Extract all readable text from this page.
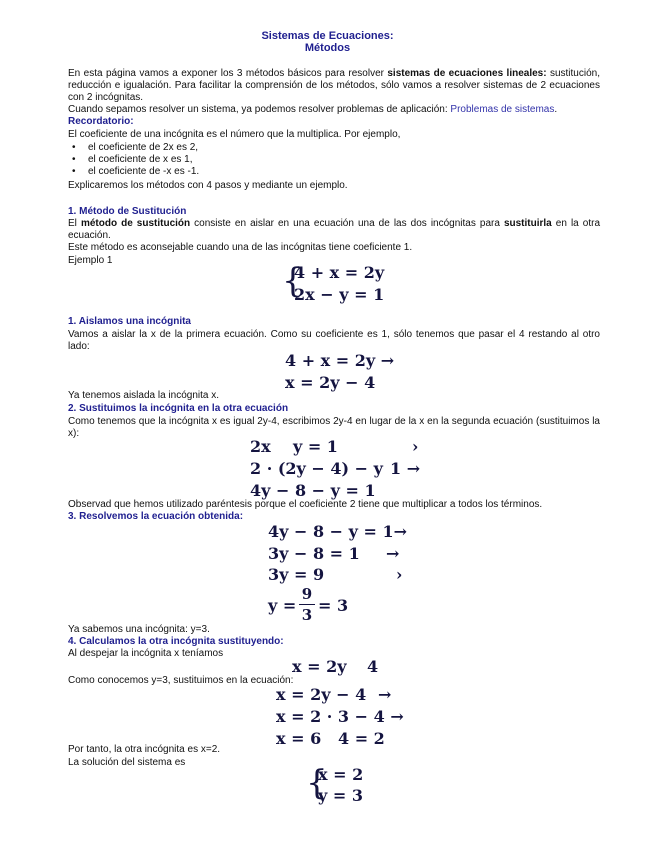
Sistemas de Ecuaciones:
Métodos
En esta página vamos a exponer los 3 métodos básicos para resolver sistemas de ecuaciones lineales: sustitución, reducción e igualación. Para facilitar la comprensión de los métodos, sólo vamos a resolver sistemas de 2 ecuaciones con 2 incógnitas.
Cuando sepamos resolver un sistema, ya podemos resolver problemas de aplicación: Problemas de sistemas.
Recordatorio:
El coeficiente de una incógnita es el número que la multiplica. Por ejemplo,
• el coeficiente de 2x es 2,
• el coeficiente de x es 1,
• el coeficiente de -x es -1.
Explicaremos los métodos con 4 pasos y mediante un ejemplo.
1. Método de Sustitución
El método de sustitución consiste en aislar en una ecuación una de las dos incógnitas para sustituirla en la otra ecuación.
Este método es aconsejable cuando una de las incógnitas tiene coeficiente 1.
Ejemplo 1
{
4 + x = 2y
2x − y = 1
1. Aislamos una incógnita
Vamos a aislar la x de la primera ecuación. Como su coeficiente es 1, sólo tenemos que pasar el 4 restando al otro lado:
4 + x = 2y →
x = 2y − 4
Ya tenemos aislada la incógnita x.
2. Sustituimos la incógnita en la otra ecuación
Como tenemos que la incógnita x es igual 2y-4, escribimos 2y-4 en lugar de la x en la segunda ecuación (sustituimos la x):
2x    y = 1	›
2 · (2y − 4) − y 1 →
4y − 8 − y = 1
Observad que hemos utilizado paréntesis porque el coeficiente 2 tiene que multiplicar a todos los términos.
3. Resolvemos la ecuación obtenida:
4y − 8 − y = 1→
3y − 8 = 1 →
3y = 9	›
y =
9
3 = 3
Ya sabemos una incógnita: y=3.
4. Calculamos la otra incógnita sustituyendo:
Al despejar la incógnita x teníamos
x = 2y 4
Como conocemos y=3, sustituimos en la ecuación:
x = 2y − 4 →
x = 2 · 3 − 4 →
x = 6 4 = 2
Por tanto, la otra incógnita es x=2.
La solución del sistema es
{
x = 2
y = 3
